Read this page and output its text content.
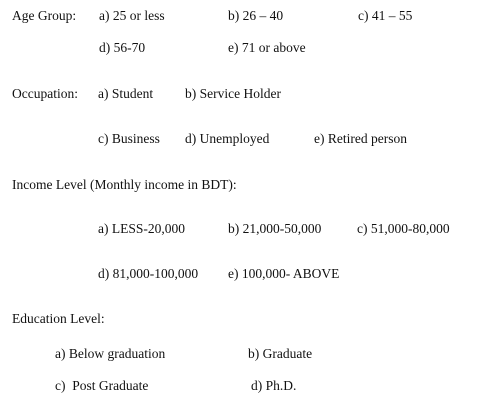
Age Group: a) 25 or less	b) 26 – 40	c) 41 – 55
d) 56-70	e) 71 or above
Occupation: a) Student b) Service Holder
c) Business d) Unemployed	e) Retired person
Income Level (Monthly income in BDT):
a) LESS-20,000	b) 21,000-50,000	c) 51,000-80,000
d) 81,000-100,000 e) 100,000- ABOVE
Education Level:
a) Below graduation	b) Graduate
c)  Post Graduate	d) Ph.D.
